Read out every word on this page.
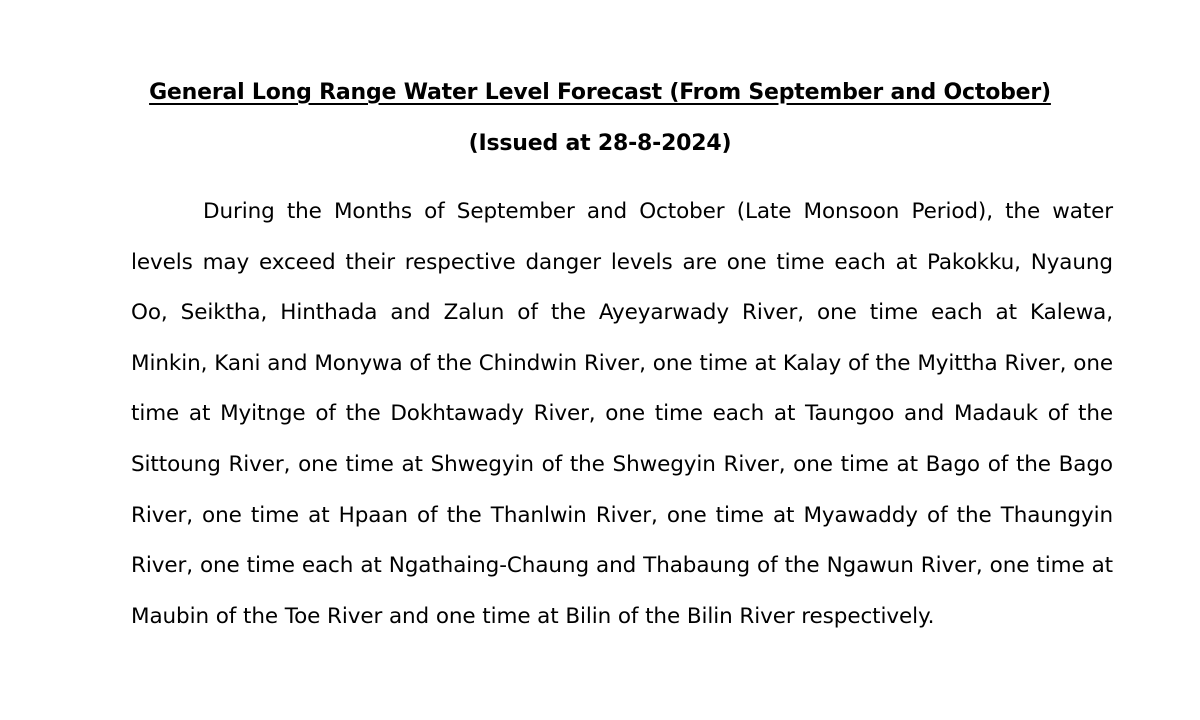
General Long Range Water Level Forecast (From September and October)
(Issued at 28-8-2024)

During the Months of September and October (Late Monsoon Period), the water levels may exceed their respective danger levels are one time each at Pakokku, Nyaung Oo, Seiktha, Hinthada and Zalun of the Ayeyarwady River, one time each at Kalewa, Minkin, Kani and Monywa of the Chindwin River, one time at Kalay of the Myittha River, one time at Myitnge of the Dokhtawady River, one time each at Taungoo and Madauk of the Sittoung River, one time at Shwegyin of the Shwegyin River, one time at Bago of the Bago River, one time at Hpaan of the Thanlwin River, one time at Myawaddy of the Thaungyin River, one time each at Ngathaing-Chaung and Thabaung of the Ngawun River, one time at Maubin of the Toe River and one time at Bilin of the Bilin River respectively.
